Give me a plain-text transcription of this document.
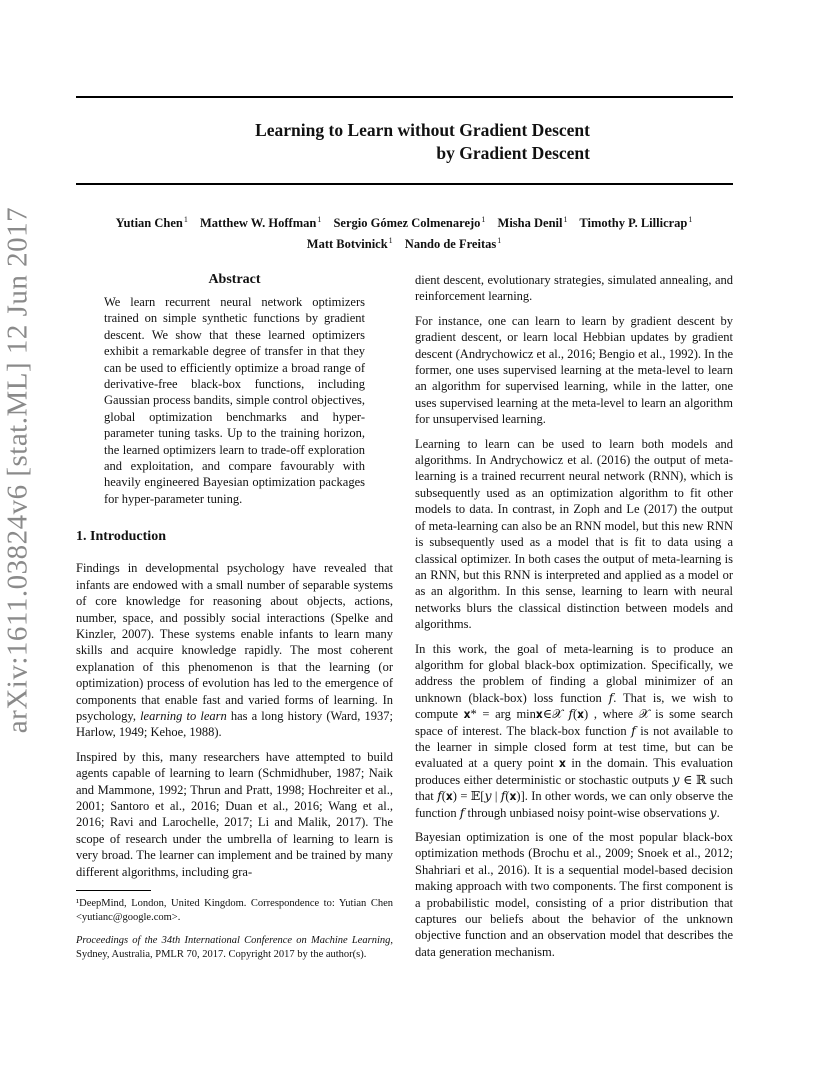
Learning to Learn without Gradient Descent
by Gradient Descent
Yutian Chen$^1$ Matthew W. Hoffman$^1$ Sergio Gómez Colmenarejo$^1$ Misha Denil$^1$ Timothy P. Lillicrap$^1$
Matt Botvinick$^1$ Nando de Freitas$^1$
arXiv:1611.03824v6 [stat.ML] 12 Jun 2017	Abstract

We learn recurrent neural network optimizers trained on simple synthetic functions by gradient descent. We show that these learned optimizers exhibit a remarkable degree of transfer in that they can be used to efficiently optimize a broad range of derivative-free black-box functions, including Gaussian process bandits, simple control objectives, global optimization benchmarks and hyper-parameter tuning tasks. Up to the training horizon, the learned optimizers learn to trade-off exploration and exploitation, and compare favourably with heavily engineered Bayesian optimization packages for hyper-parameter tuning.

1. Introduction

Findings in developmental psychology have revealed that infants are endowed with a small number of separable systems of core knowledge for reasoning about objects, actions, number, space, and possibly social interactions (Spelke and Kinzler, 2007). These systems enable infants to learn many skills and acquire knowledge rapidly. The most coherent explanation of this phenomenon is that the learning (or optimization) process of evolution has led to the emergence of components that enable fast and varied forms of learning. In psychology, learning to learn has a long history (Ward, 1937; Harlow, 1949; Kehoe, 1988).

Inspired by this, many researchers have attempted to build agents capable of learning to learn (Schmidhuber, 1987; Naik and Mammone, 1992; Thrun and Pratt, 1998; Hochreiter et al., 2001; Santoro et al., 2016; Duan et al., 2016; Wang et al., 2016; Ravi and Larochelle, 2017; Li and Malik, 2017). The scope of research under the umbrella of learning to learn is very broad. The learner can implement and be trained by many different algorithms, including gra-

¹DeepMind, London, United Kingdom. Correspondence to: Yutian Chen <yutianc@google.com>.

Proceedings of the 34th International Conference on Machine Learning, Sydney, Australia, PMLR 70, 2017. Copyright 2017 by the author(s).

dient descent, evolutionary strategies, simulated annealing, and reinforcement learning.

For instance, one can learn to learn by gradient descent by gradient descent, or learn local Hebbian updates by gradient descent (Andrychowicz et al., 2016; Bengio et al., 1992). In the former, one uses supervised learning at the meta-level to learn an algorithm for supervised learning, while in the latter, one uses supervised learning at the meta-level to learn an algorithm for unsupervised learning.

Learning to learn can be used to learn both models and algorithms. In Andrychowicz et al. (2016) the output of meta-learning is a trained recurrent neural network (RNN), which is subsequently used as an optimization algorithm to fit other models to data. In contrast, in Zoph and Le (2017) the output of meta-learning can also be an RNN model, but this new RNN is subsequently used as a model that is fit to data using a classical optimizer. In both cases the output of meta-learning is an RNN, but this RNN is interpreted and applied as a model or as an algorithm. In this sense, learning to learn with neural networks blurs the classical distinction between models and algorithms.

In this work, the goal of meta-learning is to produce an algorithm for global black-box optimization. Specifically, we address the problem of finding a global minimizer of an unknown (black-box) loss function 𝑓. That is, we wish to compute 𝐱* = arg min𝐱∈𝒳 𝑓(𝐱) , where 𝒳 is some search space of interest. The black-box function 𝑓 is not available to the learner in simple closed form at test time, but can be evaluated at a query point 𝐱 in the domain. This evaluation produces either deterministic or stochastic outputs 𝑦 ∈ ℝ such that 𝑓(𝐱) = 𝔼[𝑦 | 𝑓(𝐱)]. In other words, we can only observe the function 𝑓 through unbiased noisy point-wise observations 𝑦.

Bayesian optimization is one of the most popular black-box optimization methods (Brochu et al., 2009; Snoek et al., 2012; Shahriari et al., 2016). It is a sequential model-based decision making approach with two components. The first component is a probabilistic model, consisting of a prior distribution that captures our beliefs about the behavior of the unknown objective function and an observation model that describes the data generation mechanism.
